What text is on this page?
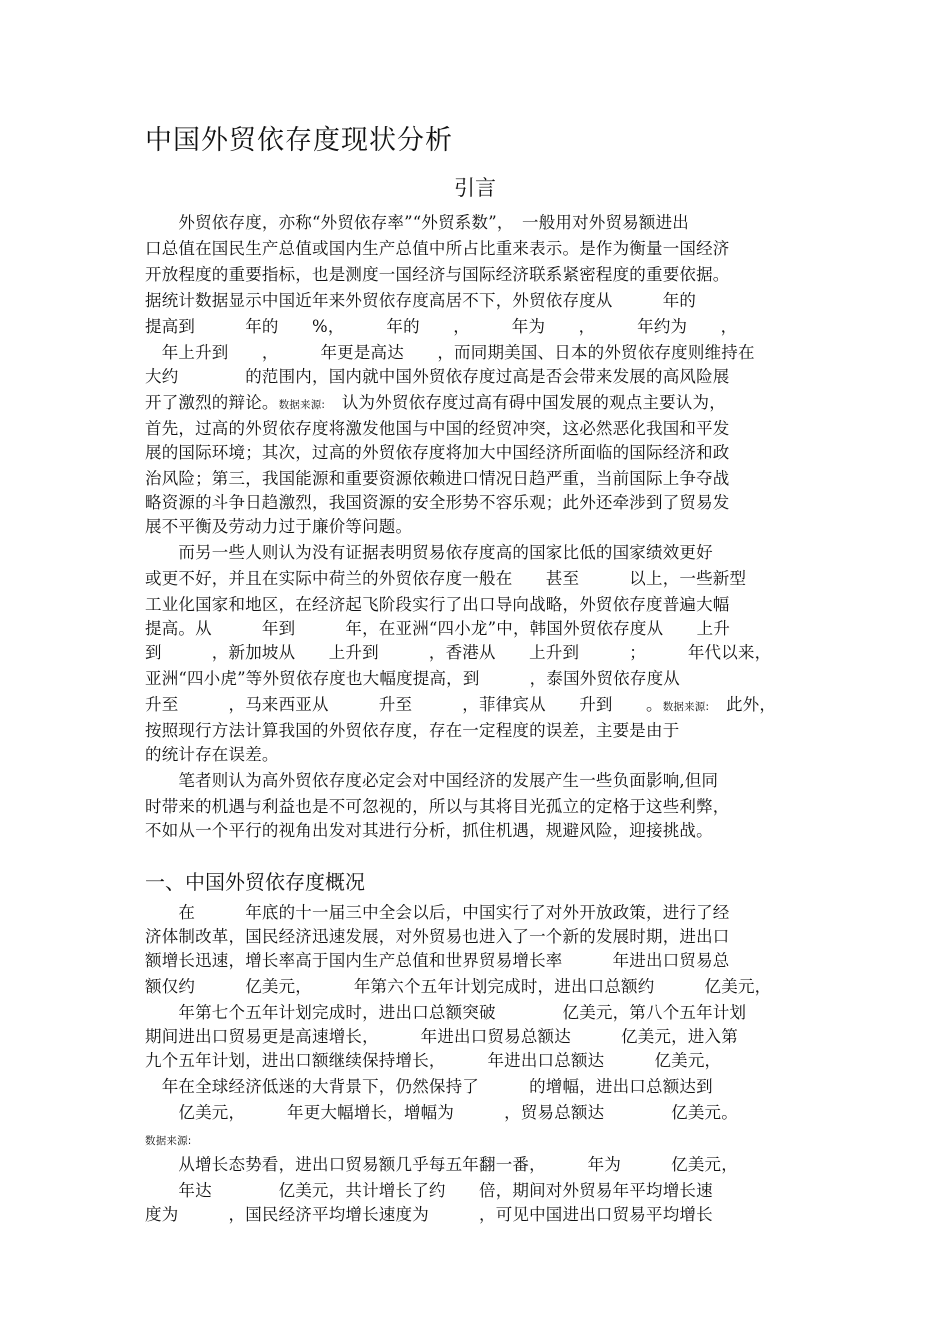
中国外贸依存度现状分析
引言
　　外贸依存度，亦称“外贸依存率”“外贸系数”，　一般用对外贸易额进出
口总值在国民生产总值或国内生产总值中所占比重来表示。是作为衡量一国经济
开放程度的重要指标，也是测度一国经济与国际经济联系紧密程度的重要依据。
据统计数据显示中国近年来外贸依存度高居不下，外贸依存度从　　　年的
提高到　　　年的　　%，　　　年的　　，　　　年为　　，　　　年约为　　，
　年上升到　　，　　　年更是高达　　，而同期美国、日本的外贸依存度则维持在
大约　　　　的范围内，国内就中国外贸依存度过高是否会带来发展的高风险展
开了激烈的辩论。数据来源:　认为外贸依存度过高有碍中国发展的观点主要认为，
首先，过高的外贸依存度将激发他国与中国的经贸冲突，这必然恶化我国和平发
展的国际环境；其次，过高的外贸依存度将加大中国经济所面临的国际经济和政
治风险；第三，我国能源和重要资源依赖进口情况日趋严重，当前国际上争夺战
略资源的斗争日趋激烈，我国资源的安全形势不容乐观；此外还牵涉到了贸易发
展不平衡及劳动力过于廉价等问题。
　　而另一些人则认为没有证据表明贸易依存度高的国家比低的国家绩效更好
或更不好，并且在实际中荷兰的外贸依存度一般在　　甚至　　　以上，一些新型
工业化国家和地区，在经济起飞阶段实行了出口导向战略，外贸依存度普遍大幅
提高。从　　　年到　　　年，在亚洲“四小龙”中，韩国外贸依存度从　　上升
到　　　，新加坡从　　上升到　　　，香港从　　上升到　　　；　　　年代以来，
亚洲“四小虎”等外贸依存度也大幅度提高，到　　　，泰国外贸依存度从
升至　　　，马来西亚从　　　升至　　　，菲律宾从　　升到　　。数据来源:　此外，
按照现行方法计算我国的外贸依存度，存在一定程度的误差，主要是由于
的统计存在误差。
　　笔者则认为高外贸依存度必定会对中国经济的发展产生一些负面影响,但同
时带来的机遇与利益也是不可忽视的，所以与其将目光孤立的定格于这些利弊，
不如从一个平行的视角出发对其进行分析，抓住机遇，规避风险，迎接挑战。
一、中国外贸依存度概况
　　在　　　年底的十一届三中全会以后，中国实行了对外开放政策，进行了经
济体制改革，国民经济迅速发展，对外贸易也进入了一个新的发展时期，进出口
额增长迅速，增长率高于国内生产总值和世界贸易增长率　　　年进出口贸易总
额仅约　　　亿美元，　　　年第六个五年计划完成时，进出口总额约　　　亿美元，
　　年第七个五年计划完成时，进出口总额突破　　　　亿美元，第八个五年计划
期间进出口贸易更是高速增长，　　　年进出口贸易总额达　　　亿美元，进入第
九个五年计划，进出口额继续保持增长，　　　年进出口总额达　　　亿美元，
　年在全球经济低迷的大背景下，仍然保持了　　　的增幅，进出口总额达到
　　亿美元，　　　年更大幅增长，增幅为　　　，贸易总额达　　　　亿美元。
数据来源:
　　从增长态势看，进出口贸易额几乎每五年翻一番，　　　年为　　　亿美元，
　　年达　　　　亿美元，共计增长了约　　倍，期间对外贸易年平均增长速
度为　　　，国民经济平均增长速度为　　　，可见中国进出口贸易平均增长
